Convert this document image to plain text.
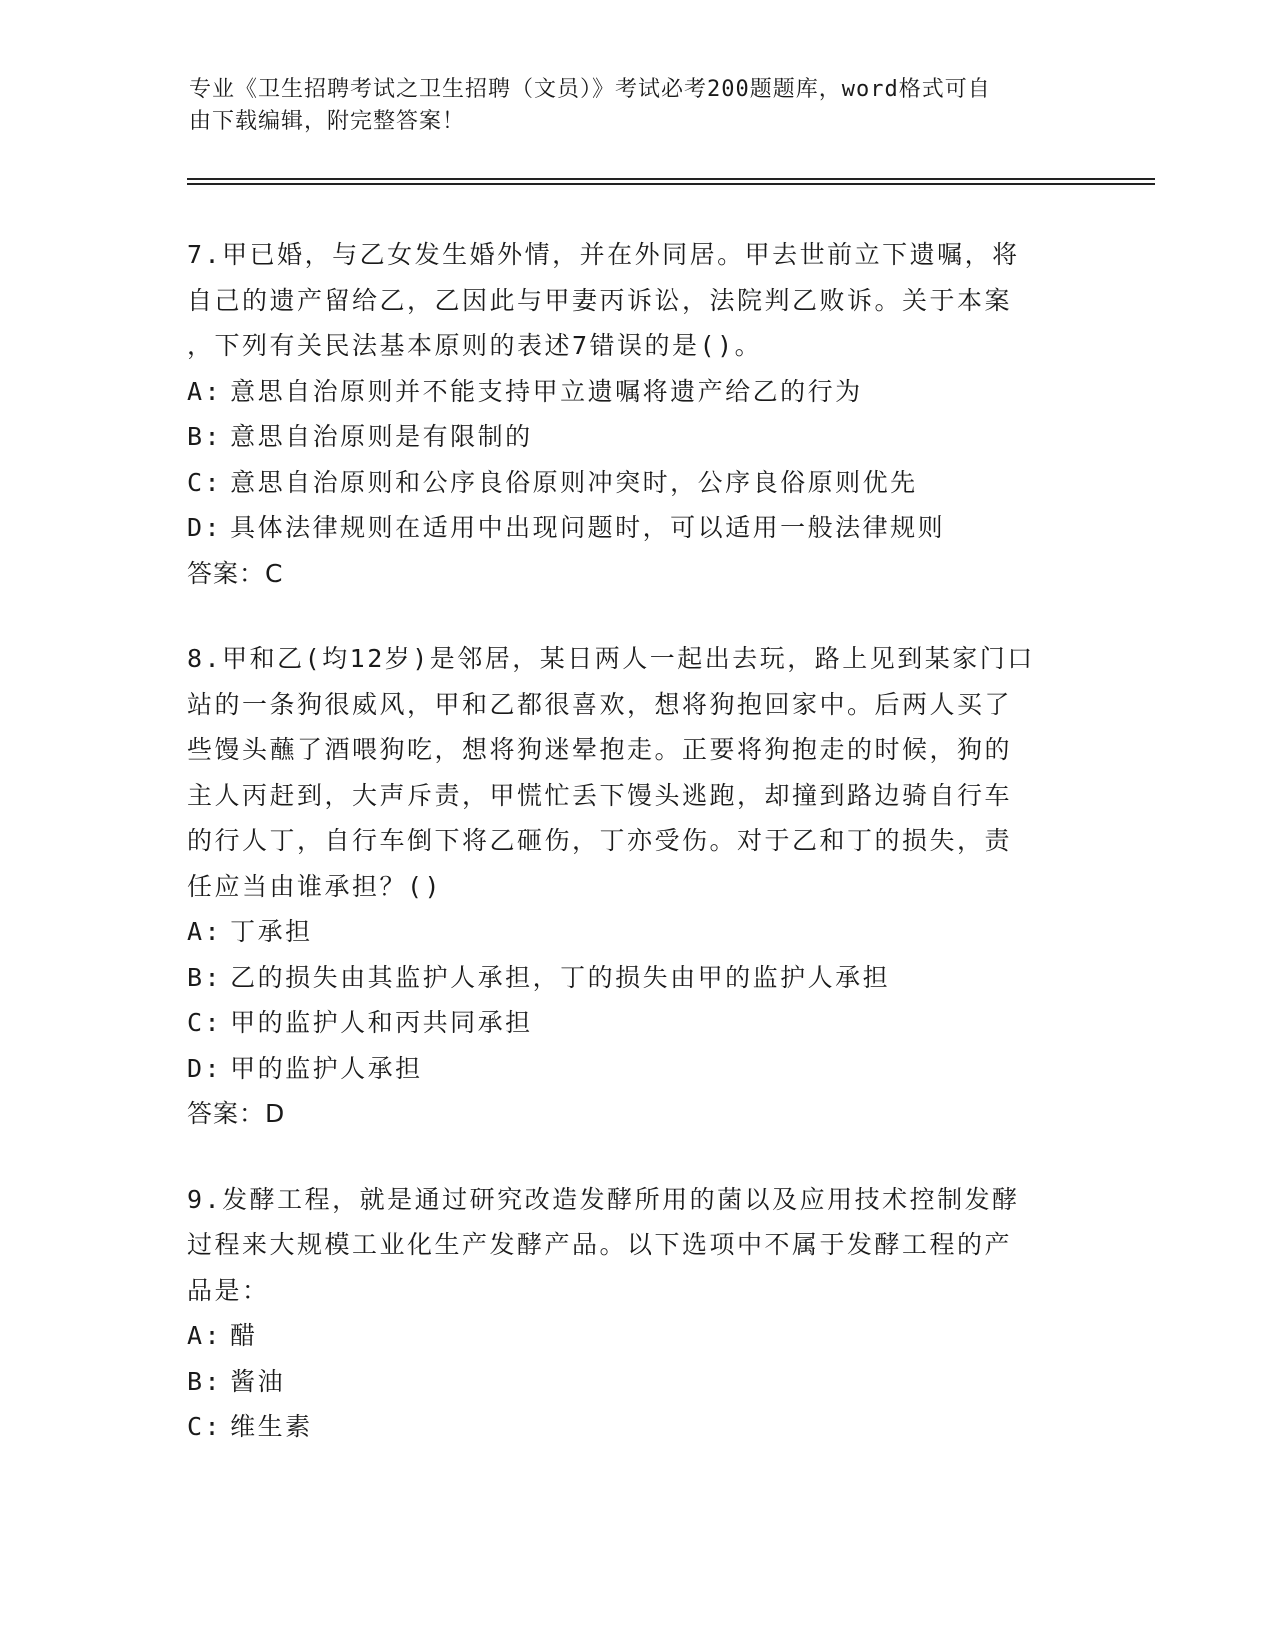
专业《卫生招聘考试之卫生招聘（文员）》考试必考200题题库，word格式可自
由下载编辑，附完整答案！
7.甲已婚，与乙女发生婚外情，并在外同居。甲去世前立下遗嘱，将
自己的遗产留给乙，乙因此与甲妻丙诉讼，法院判乙败诉。关于本案
，下列有关民法基本原则的表述7错误的是()。
A: 意思自治原则并不能支持甲立遗嘱将遗产给乙的行为
B: 意思自治原则是有限制的
C: 意思自治原则和公序良俗原则冲突时，公序良俗原则优先
D: 具体法律规则在适用中出现问题时，可以适用一般法律规则
答案：C
8.甲和乙(均12岁)是邻居，某日两人一起出去玩，路上见到某家门口
站的一条狗很威风，甲和乙都很喜欢，想将狗抱回家中。后两人买了
些馒头蘸了酒喂狗吃，想将狗迷晕抱走。正要将狗抱走的时候，狗的
主人丙赶到，大声斥责，甲慌忙丢下馒头逃跑，却撞到路边骑自行车
的行人丁，自行车倒下将乙砸伤，丁亦受伤。对于乙和丁的损失，责
任应当由谁承担？()
A: 丁承担
B: 乙的损失由其监护人承担，丁的损失由甲的监护人承担
C: 甲的监护人和丙共同承担
D: 甲的监护人承担
答案：D
9.发酵工程，就是通过研究改造发酵所用的菌以及应用技术控制发酵
过程来大规模工业化生产发酵产品。以下选项中不属于发酵工程的产
品是：
A: 醋
B: 酱油
C: 维生素
